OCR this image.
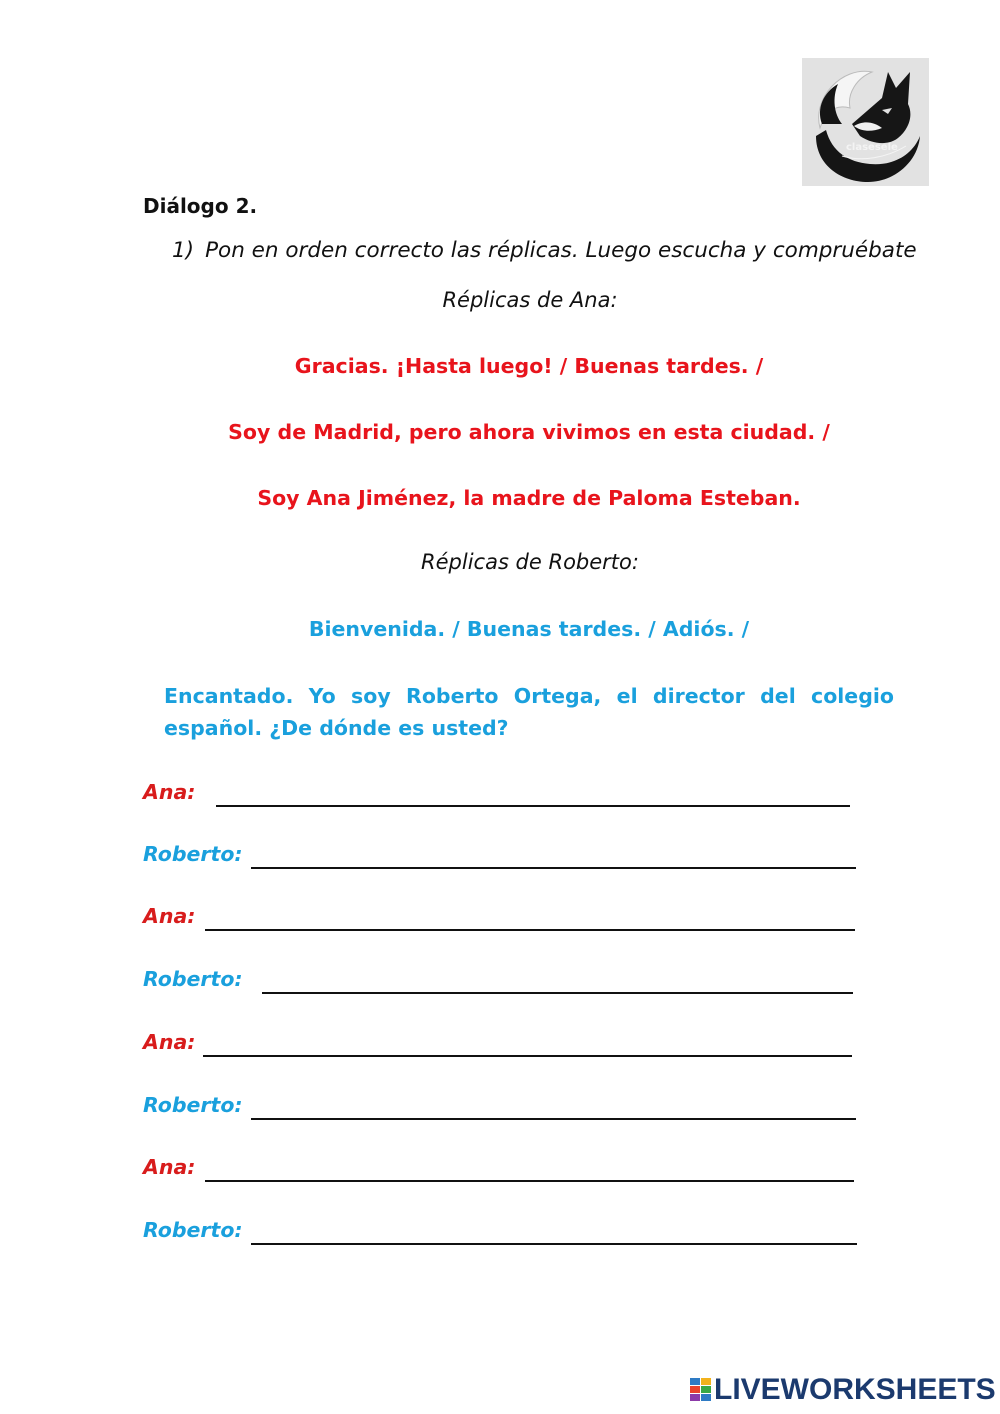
clasesele
Diálogo 2.
1) Pon en orden correcto las réplicas. Luego escucha y compruébate
Réplicas de Ana:
Gracias. ¡Hasta luego! / Buenas tardes. /
Soy de Madrid, pero ahora vivimos en esta ciudad. /
Soy Ana Jiménez, la madre de Paloma Esteban.
Réplicas de Roberto:
Bienvenida. / Buenas tardes. / Adiós. /
Encantado. Yo soy Roberto Ortega, el director del colegio español. ¿De dónde es usted?
Ana:
Roberto:
Ana:
Roberto:
Ana:
Roberto:
Ana:
Roberto:
LIVEWORKSHEETS
